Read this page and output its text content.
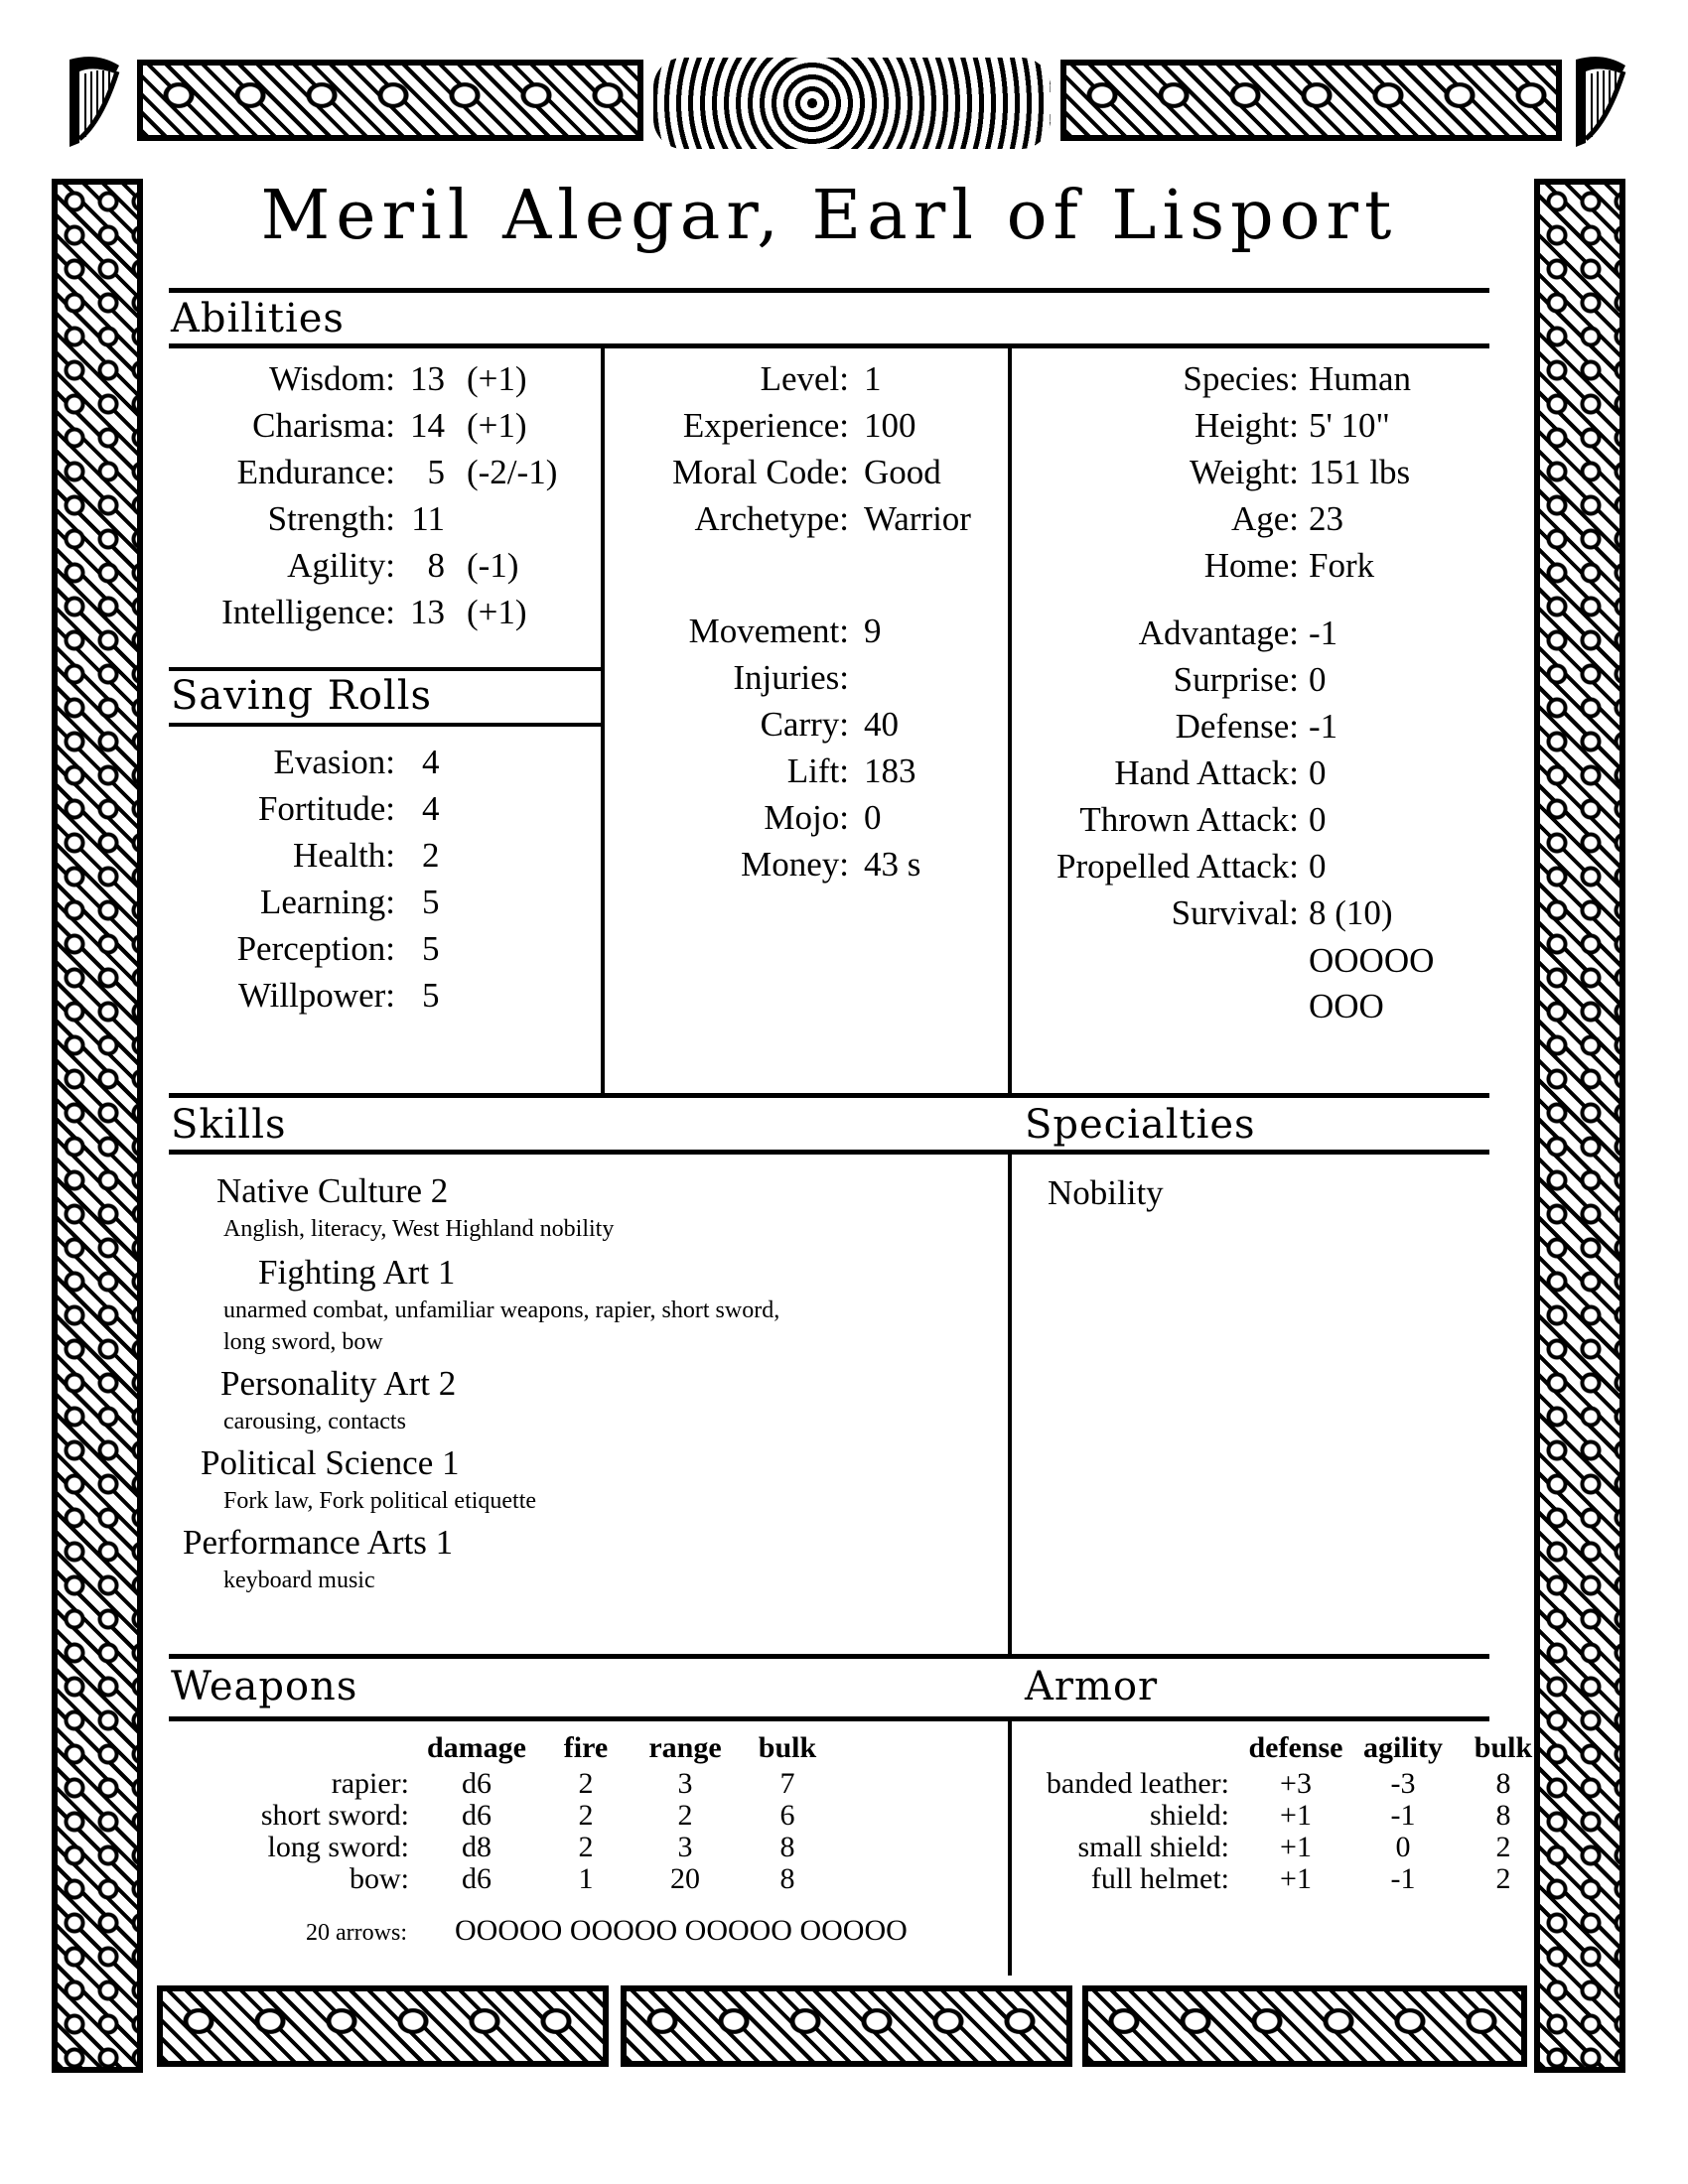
Meril Alegar, Earl of Lisport
Abilities
Wisdom: 13 (+1)
Charisma: 14 (+1)
Endurance: 5 (-2/-1)
Strength: 11
Agility: 8 (-1)
Intelligence: 13 (+1)
Saving Rolls
Evasion: 4
Fortitude: 4
Health: 2
Learning: 5
Perception: 5
Willpower: 5
Level: 1
Experience: 100
Moral Code: Good
Archetype: Warrior
Movement: 9
Injuries:
Carry: 40
Lift: 183
Mojo: 0
Money: 43 s
Species: Human
Height: 5' 10"
Weight: 151 lbs
Age: 23
Home: Fork
Advantage: -1
Surprise: 0
Defense: -1
Hand Attack: 0
Thrown Attack: 0
Propelled Attack: 0
Survival: 8 (10)
OOOOO
OOO
Skills
Native Culture 2
Anglish, literacy, West Highland nobility
Fighting Art 1
unarmed combat, unfamiliar weapons, rapier, short sword,
long sword, bow
Personality Art 2
carousing, contacts
Political Science 1
Fork law, Fork political etiquette
Performance Arts 1
keyboard music
Specialties
Nobility
Weapons
damage	fire	range	bulk
rapier:	d6	2	3	7
short sword:	d6	2	2	6
long sword:	d8	2	3	8
bow:	d6	1	20	8
20 arrows: OOOOO OOOOO OOOOO OOOOO
Armor
defense agility	bulk
banded leather:	+3	-3	8
shield:	+1	-1	8
small shield:	+1	0	2
full helmet:	+1	-1	2
